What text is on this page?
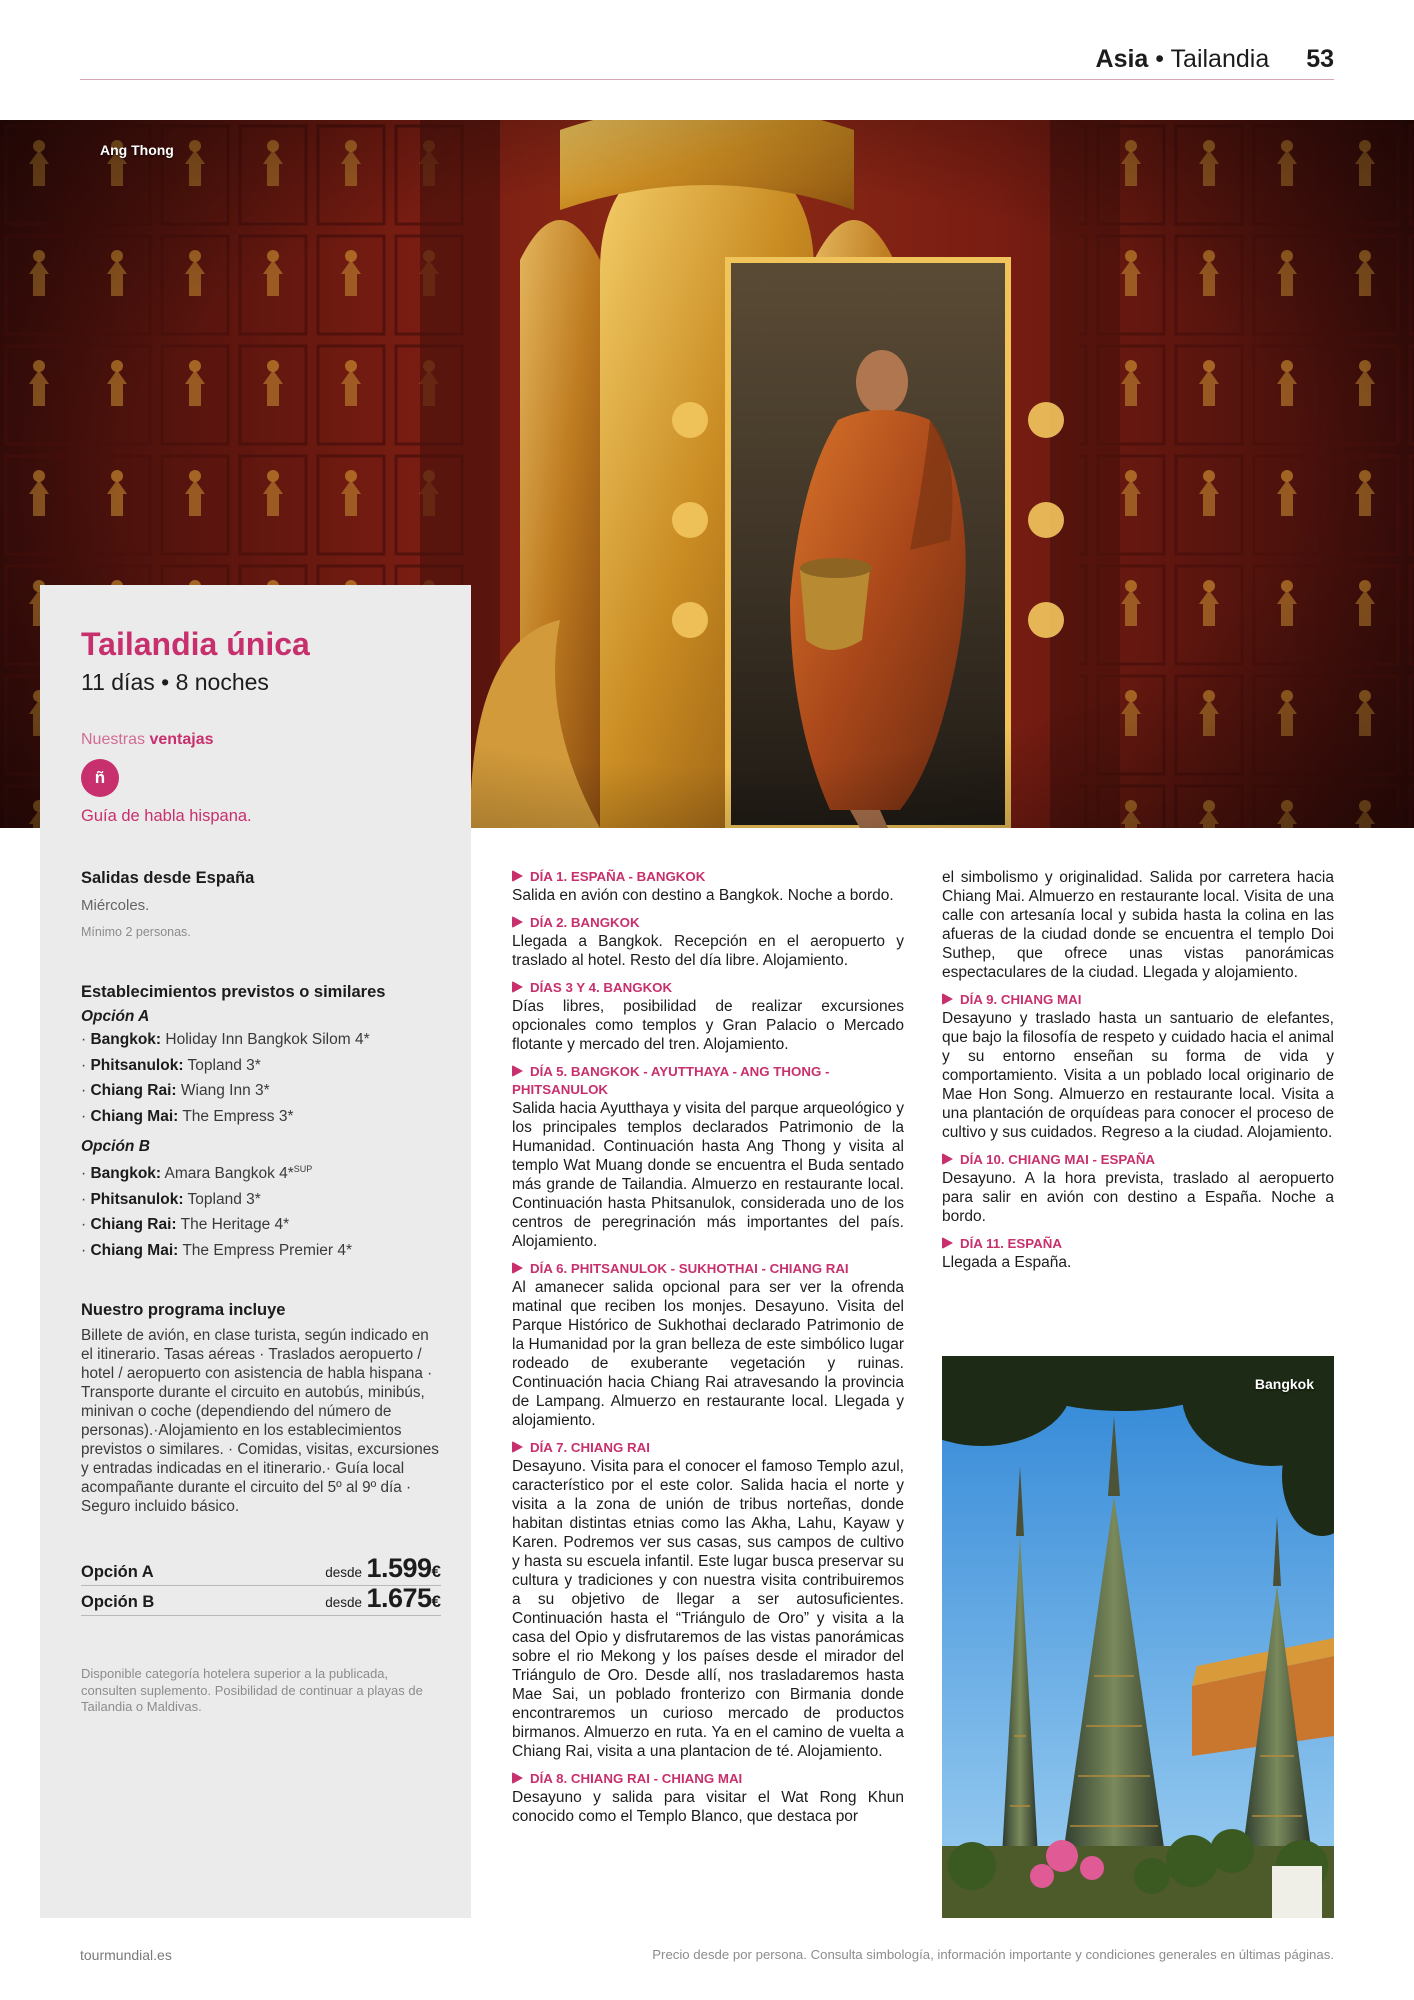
Asia • Tailandia 53
Ang Thong
Tailandia única
11 días • 8 noches
Nuestras ventajas
ñ
Guía de habla hispana.
Salidas desde España
Miércoles.
Mínimo 2 personas.
Establecimientos previstos o similares
Opción A
· Bangkok: Holiday Inn Bangkok Silom 4*
· Phitsanulok: Topland 3*
· Chiang Rai: Wiang Inn 3*
· Chiang Mai: The Empress 3*
Opción B
· Bangkok: Amara Bangkok 4*$^{SUP}$
· Phitsanulok: Topland 3*
· Chiang Rai: The Heritage 4*
· Chiang Mai: The Empress Premier 4*
Nuestro programa incluye
Billete de avión, en clase turista, según indicado en el itinerario. Tasas aéreas · Traslados aeropuerto / hotel / aeropuerto con asistencia de habla hispana · Transporte durante el circuito en autobús, minibús, minivan o coche (dependiendo del número de personas).·Alojamiento en los establecimientos previstos o similares. · Comidas, visitas, excursiones y entradas indicadas en el itinerario.· Guía local acompañante durante el circuito del 5º al 9º día · Seguro incluido básico.
Opción A	desde 1.599€
Opción B	desde 1.675€
Disponible categoría hotelera superior a la publicada, consulten suplemento. Posibilidad de continuar a playas de Tailandia o Maldivas.
DÍA 1. ESPAÑA - BANGKOK
Salida en avión con destino a Bangkok. Noche a bordo.
DÍA 2. BANGKOK
Llegada a Bangkok. Recepción en el aeropuerto y traslado al hotel. Resto del día libre. Alojamiento.
DÍAS 3 Y 4. BANGKOK
Días libres, posibilidad de realizar excursiones opcionales como templos y Gran Palacio o Mercado flotante y mercado del tren. Alojamiento.
DÍA 5. BANGKOK - AYUTTHAYA - ANG THONG - PHITSANULOK
Salida hacia Ayutthaya y visita del parque arqueológico y los principales templos declarados Patrimonio de la Humanidad. Continuación hasta Ang Thong y visita al templo Wat Muang donde se encuentra el Buda sentado más grande de Tailandia. Almuerzo en restaurante local. Continuación hasta Phitsanulok, considerada uno de los centros de peregrinación más importantes del país. Alojamiento.
DÍA 6. PHITSANULOK - SUKHOTHAI - CHIANG RAI
Al amanecer salida opcional para ser ver la ofrenda matinal que reciben los monjes. Desayuno. Visita del Parque Histórico de Sukhothai declarado Patrimonio de la Humanidad por la gran belleza de este simbólico lugar rodeado de exuberante vegetación y ruinas. Continuación hacia Chiang Rai atravesando la provincia de Lampang. Almuerzo en restaurante local. Llegada y alojamiento.
DÍA 7. CHIANG RAI
Desayuno. Visita para el conocer el famoso Templo azul, característico por el este color. Salida hacia el norte y visita a la zona de unión de tribus norteñas, donde habitan distintas etnias como las Akha, Lahu, Kayaw y Karen. Podremos ver sus casas, sus campos de cultivo y hasta su escuela infantil. Este lugar busca preservar su cultura y tradiciones y con nuestra visita contribuiremos a su objetivo de llegar a ser autosuficientes. Continuación hasta el “Triángulo de Oro” y visita a la casa del Opio y disfrutaremos de las vistas panorámicas sobre el rio Mekong y los países desde el mirador del Triángulo de Oro. Desde allí, nos trasladaremos hasta Mae Sai, un poblado fronterizo con Birmania donde encontraremos un curioso mercado de productos birmanos. Almuerzo en ruta. Ya en el camino de vuelta a Chiang Rai, visita a una plantacion de té. Alojamiento.
DÍA 8. CHIANG RAI - CHIANG MAI
Desayuno y salida para visitar el Wat Rong Khun conocido como el Templo Blanco, que destaca por
el simbolismo y originalidad. Salida por carretera hacia Chiang Mai. Almuerzo en restaurante local. Visita de una calle con artesanía local y subida hasta la colina en las afueras de la ciudad donde se encuentra el templo Doi Suthep, que ofrece unas vistas panorámicas espectaculares de la ciudad. Llegada y alojamiento.
DÍA 9. CHIANG MAI
Desayuno y traslado hasta un santuario de elefantes, que bajo la filosofía de respeto y cuidado hacia el animal y su entorno enseñan su forma de vida y comportamiento. Visita a un poblado local originario de Mae Hon Song. Almuerzo en restaurante local. Visita a una plantación de orquídeas para conocer el proceso de cultivo y sus cuidados. Regreso a la ciudad. Alojamiento.
DÍA 10. CHIANG MAI - ESPAÑA
Desayuno. A la hora prevista, traslado al aeropuerto para salir en avión con destino a España. Noche a bordo.
DÍA 11. ESPAÑA
Llegada a España.
Bangkok
tourmundial.es	Precio desde por persona. Consulta simbología, información importante y condiciones generales en últimas páginas.
